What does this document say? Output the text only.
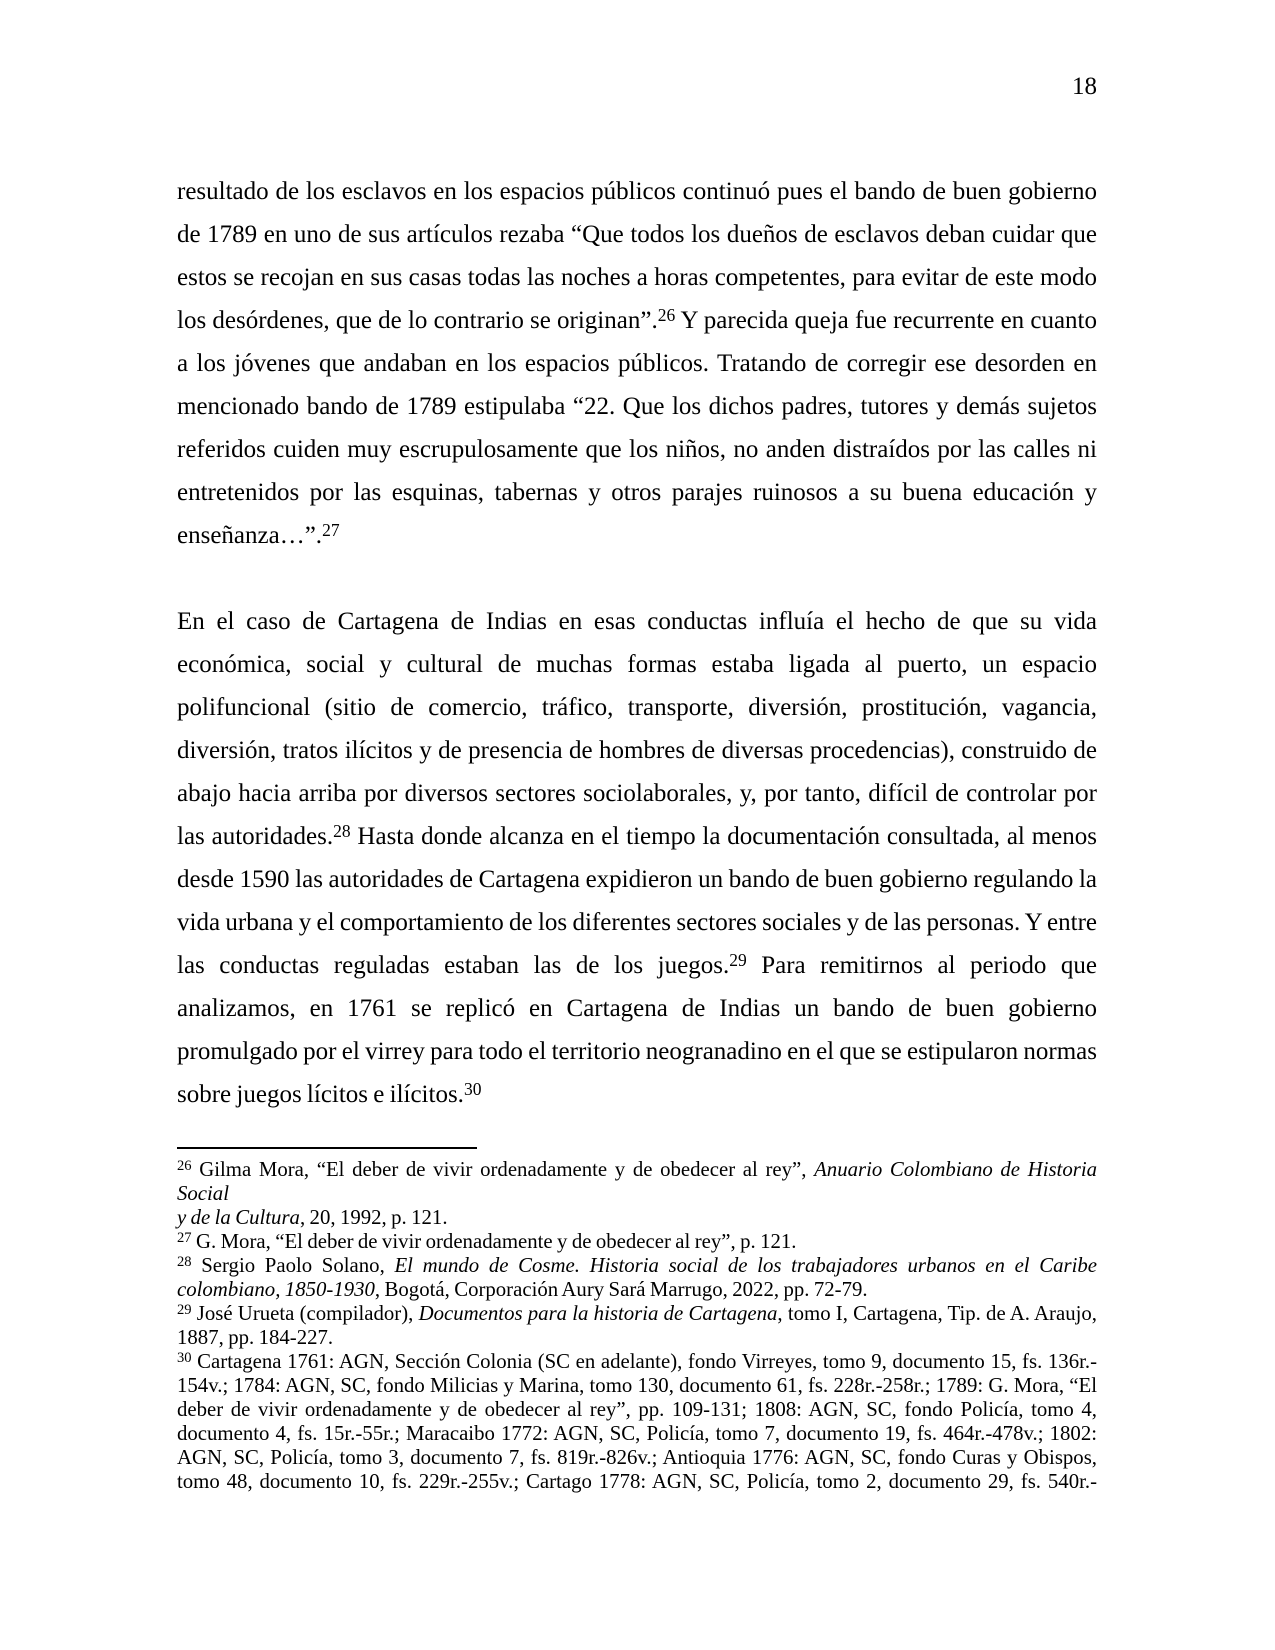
18
resultado de los esclavos en los espacios públicos continuó pues el bando de buen gobierno
de 1789 en uno de sus artículos rezaba “Que todos los dueños de esclavos deban cuidar que
estos se recojan en sus casas todas las noches a horas competentes, para evitar de este modo
los desórdenes, que de lo contrario se originan”.$^{26}$ Y parecida queja fue recurrente en cuanto
a los jóvenes que andaban en los espacios públicos. Tratando de corregir ese desorden en
mencionado bando de 1789 estipulaba “22. Que los dichos padres, tutores y demás sujetos
referidos cuiden muy escrupulosamente que los niños, no anden distraídos por las calles ni
entretenidos por las esquinas, tabernas y otros parajes ruinosos a su buena educación y
enseñanza…”.$^{27}$
En el caso de Cartagena de Indias en esas conductas influía el hecho de que su vida
económica, social y cultural de muchas formas estaba ligada al puerto, un espacio
polifuncional (sitio de comercio, tráfico, transporte, diversión, prostitución, vagancia,
diversión, tratos ilícitos y de presencia de hombres de diversas procedencias), construido de
abajo hacia arriba por diversos sectores sociolaborales, y, por tanto, difícil de controlar por
las autoridades.$^{28}$ Hasta donde alcanza en el tiempo la documentación consultada, al menos
desde 1590 las autoridades de Cartagena expidieron un bando de buen gobierno regulando la
vida urbana y el comportamiento de los diferentes sectores sociales y de las personas. Y entre
las conductas reguladas estaban las de los juegos.$^{29}$ Para remitirnos al periodo que
analizamos, en 1761 se replicó en Cartagena de Indias un bando de buen gobierno
promulgado por el virrey para todo el territorio neogranadino en el que se estipularon normas
sobre juegos lícitos e ilícitos.$^{30}$
$^{26}$ Gilma Mora, “El deber de vivir ordenadamente y de obedecer al rey”, Anuario Colombiano de Historia Social
y de la Cultura, 20, 1992, p. 121.
$^{27}$ G. Mora, “El deber de vivir ordenadamente y de obedecer al rey”, p. 121.
$^{28}$ Sergio Paolo Solano, El mundo de Cosme. Historia social de los trabajadores urbanos en el Caribe
colombiano, 1850-1930, Bogotá, Corporación Aury Sará Marrugo, 2022, pp. 72-79.
$^{29}$ José Urueta (compilador), Documentos para la historia de Cartagena, tomo I, Cartagena, Tip. de A. Araujo,
1887, pp. 184-227.
$^{30}$ Cartagena 1761: AGN, Sección Colonia (SC en adelante), fondo Virreyes, tomo 9, documento 15, fs. 136r.-
154v.; 1784: AGN, SC, fondo Milicias y Marina, tomo 130, documento 61, fs. 228r.-258r.; 1789: G. Mora, “El
deber de vivir ordenadamente y de obedecer al rey”, pp. 109-131; 1808: AGN, SC, fondo Policía, tomo 4,
documento 4, fs. 15r.-55r.; Maracaibo 1772: AGN, SC, Policía, tomo 7, documento 19, fs. 464r.-478v.; 1802:
AGN, SC, Policía, tomo 3, documento 7, fs. 819r.-826v.; Antioquia 1776: AGN, SC, fondo Curas y Obispos,
tomo 48, documento 10, fs. 229r.-255v.; Cartago 1778: AGN, SC, Policía, tomo 2, documento 29, fs. 540r.-
